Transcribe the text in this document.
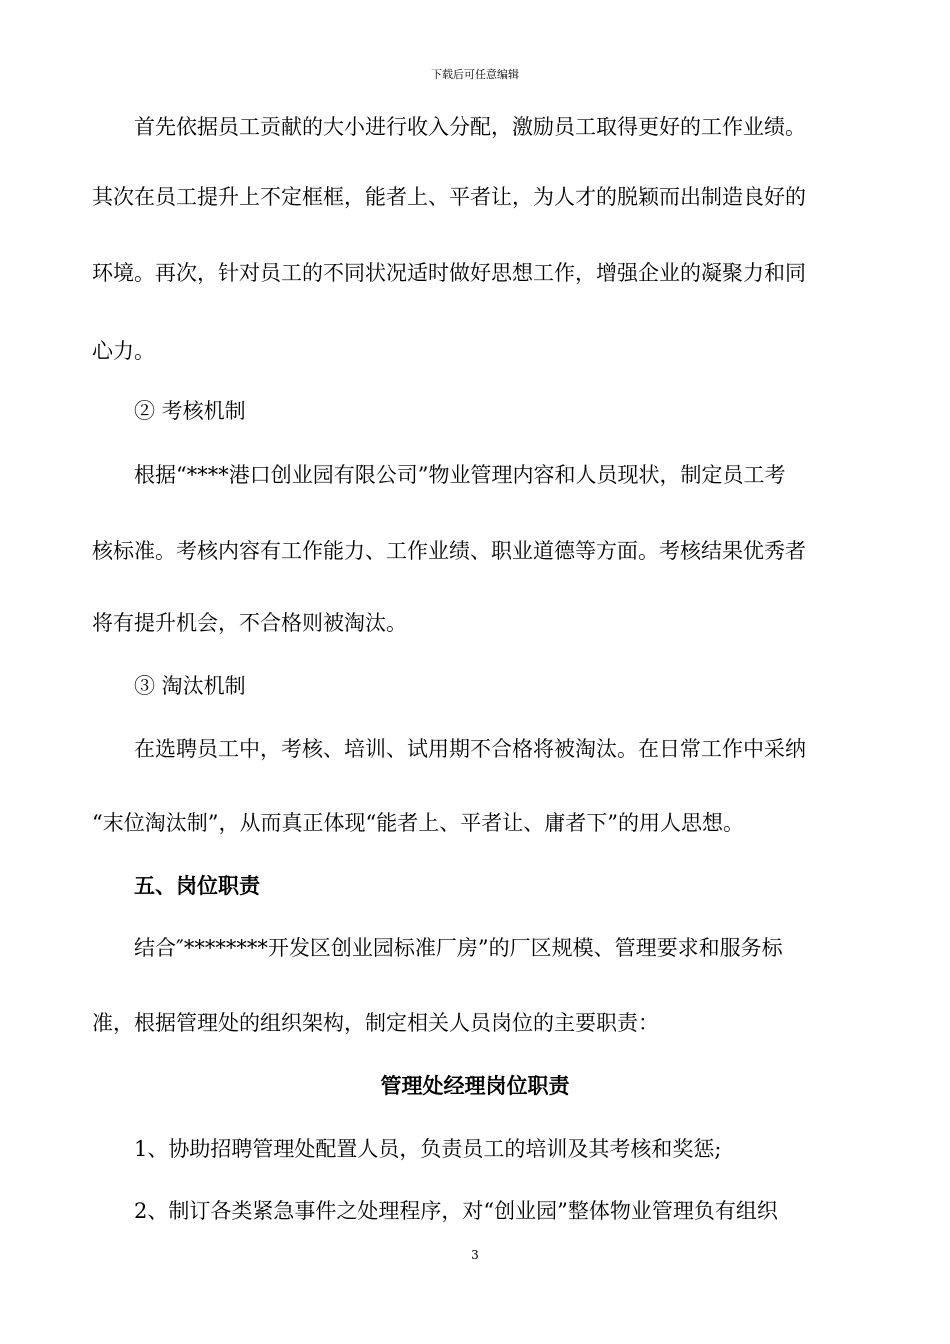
下载后可任意编辑
首先依据员工贡献的大小进行收入分配，激励员工取得更好的工作业绩。
其次在员工提升上不定框框，能者上、平者让，为人才的脱颖而出制造良好的
环境。再次，针对员工的不同状况适时做好思想工作，增强企业的凝聚力和同
心力。
② 考核机制
根据“****港口创业园有限公司”物业管理内容和人员现状，制定员工考
核标准。考核内容有工作能力、工作业绩、职业道德等方面。考核结果优秀者
将有提升机会，不合格则被淘汰。
③ 淘汰机制
在选聘员工中，考核、培训、试用期不合格将被淘汰。在日常工作中采纳
“末位淘汰制”，从而真正体现“能者上、平者让、庸者下”的用人思想。
五、岗位职责
结合″********开发区创业园标准厂房”的厂区规模、管理要求和服务标
准，根据管理处的组织架构，制定相关人员岗位的主要职责：
管理处经理岗位职责
1、协助招聘管理处配置人员，负责员工的培训及其考核和奖惩;
2、制订各类紧急事件之处理程序，对“创业园”整体物业管理负有组织
3
